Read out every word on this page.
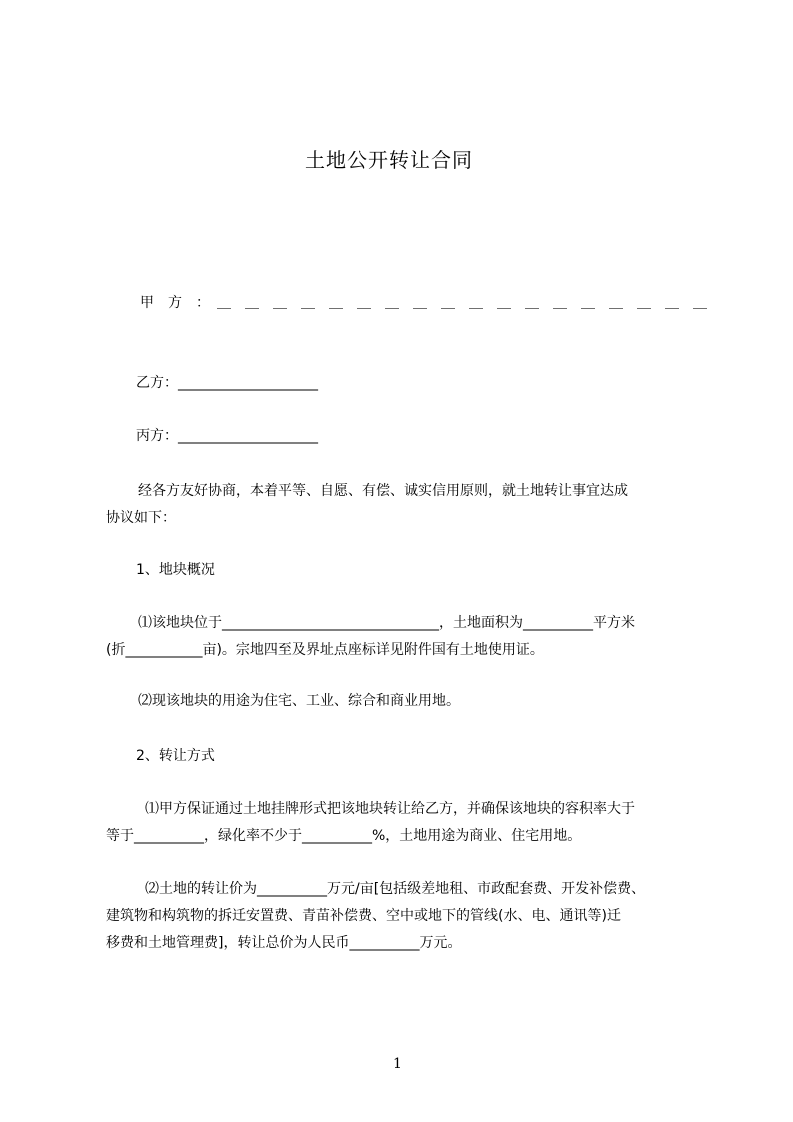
土地公开转让合同
甲　方　：　＿　＿　＿　＿　＿　＿　＿　＿　＿　＿　＿　＿　＿　＿　＿　＿　＿　＿
乙方：____________________
丙方：____________________
经各方友好协商，本着平等、自愿、有偿、诚实信用原则，就土地转让事宜达成
协议如下：
1、地块概况
⑴该地块位于_______________________________，土地面积为__________平方米
(折___________亩)。宗地四至及界址点座标详见附件国有土地使用证。
⑵现该地块的用途为住宅、工业、综合和商业用地。
2、转让方式
⑴甲方保证通过土地挂牌形式把该地块转让给乙方，并确保该地块的容积率大于
等于__________，绿化率不少于__________%，土地用途为商业、住宅用地。
⑵土地的转让价为__________万元/亩[包括级差地租、市政配套费、开发补偿费、
建筑物和构筑物的拆迁安置费、青苗补偿费、空中或地下的管线(水、电、通讯等)迁
移费和土地管理费]，转让总价为人民币__________万元。
1
